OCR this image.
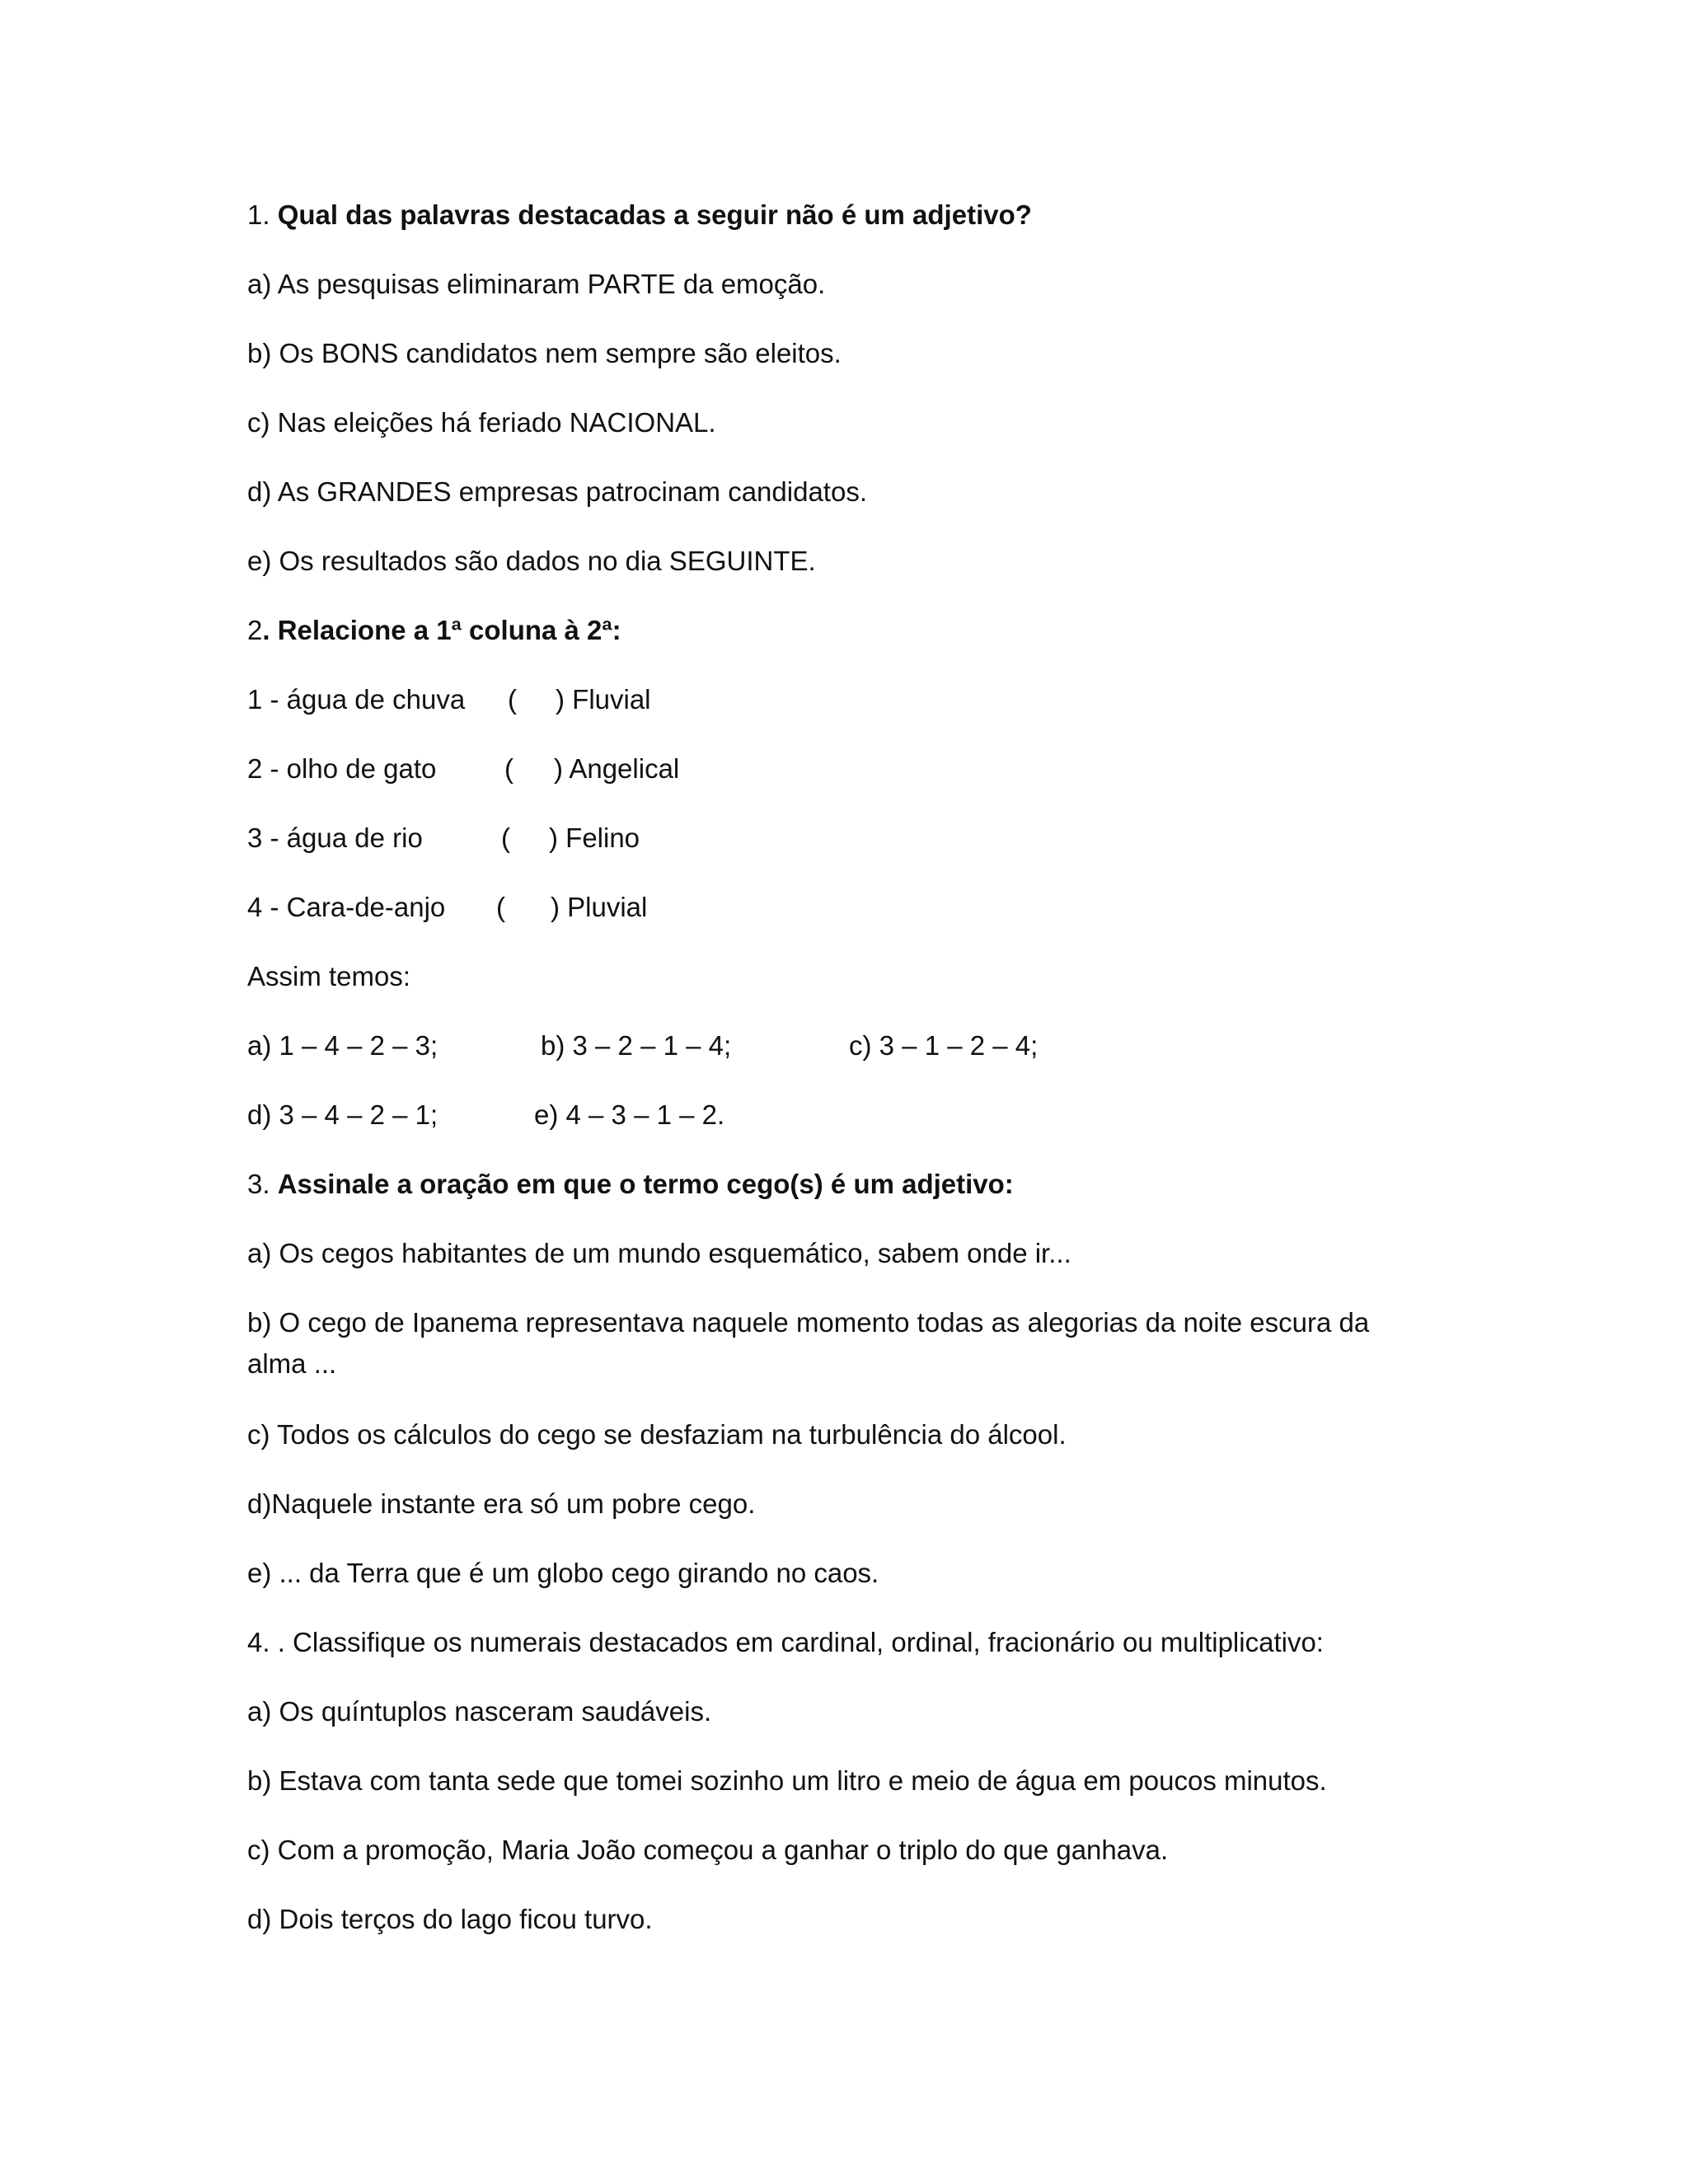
1. Qual das palavras destacadas a seguir não é um adjetivo?
a) As pesquisas eliminaram PARTE da emoção.
b) Os BONS candidatos nem sempre são eleitos.
c) Nas eleições há feriado NACIONAL.
d) As GRANDES empresas patrocinam candidatos.
e) Os resultados são dados no dia SEGUINTE.
2. Relacione a 1ª coluna à 2ª:
1 - água de chuva ( ) Fluvial
2 - olho de gato	( ) Angelical
3 - água de rio	( ) Felino
4 - Cara-de-anjo ( ) Pluvial
Assim temos:
a) 1 – 4 – 2 – 3;	b) 3 – 2 – 1 – 4;	c) 3 – 1 – 2 – 4;
d) 3 – 4 – 2 – 1;	e) 4 – 3 – 1 – 2.
3. Assinale a oração em que o termo cego(s) é um adjetivo:
a) Os cegos habitantes de um mundo esquemático, sabem onde ir...
b) O cego de Ipanema representava naquele momento todas as alegorias da noite escura da alma ...
c) Todos os cálculos do cego se desfaziam na turbulência do álcool.
d)Naquele instante era só um pobre cego.
e) ... da Terra que é um globo cego girando no caos.
4. . Classifique os numerais destacados em cardinal, ordinal, fracionário ou multiplicativo:
a) Os quíntuplos nasceram saudáveis.
b) Estava com tanta sede que tomei sozinho um litro e meio de água em poucos minutos.
c) Com a promoção, Maria João começou a ganhar o triplo do que ganhava.
d) Dois terços do lago ficou turvo.
